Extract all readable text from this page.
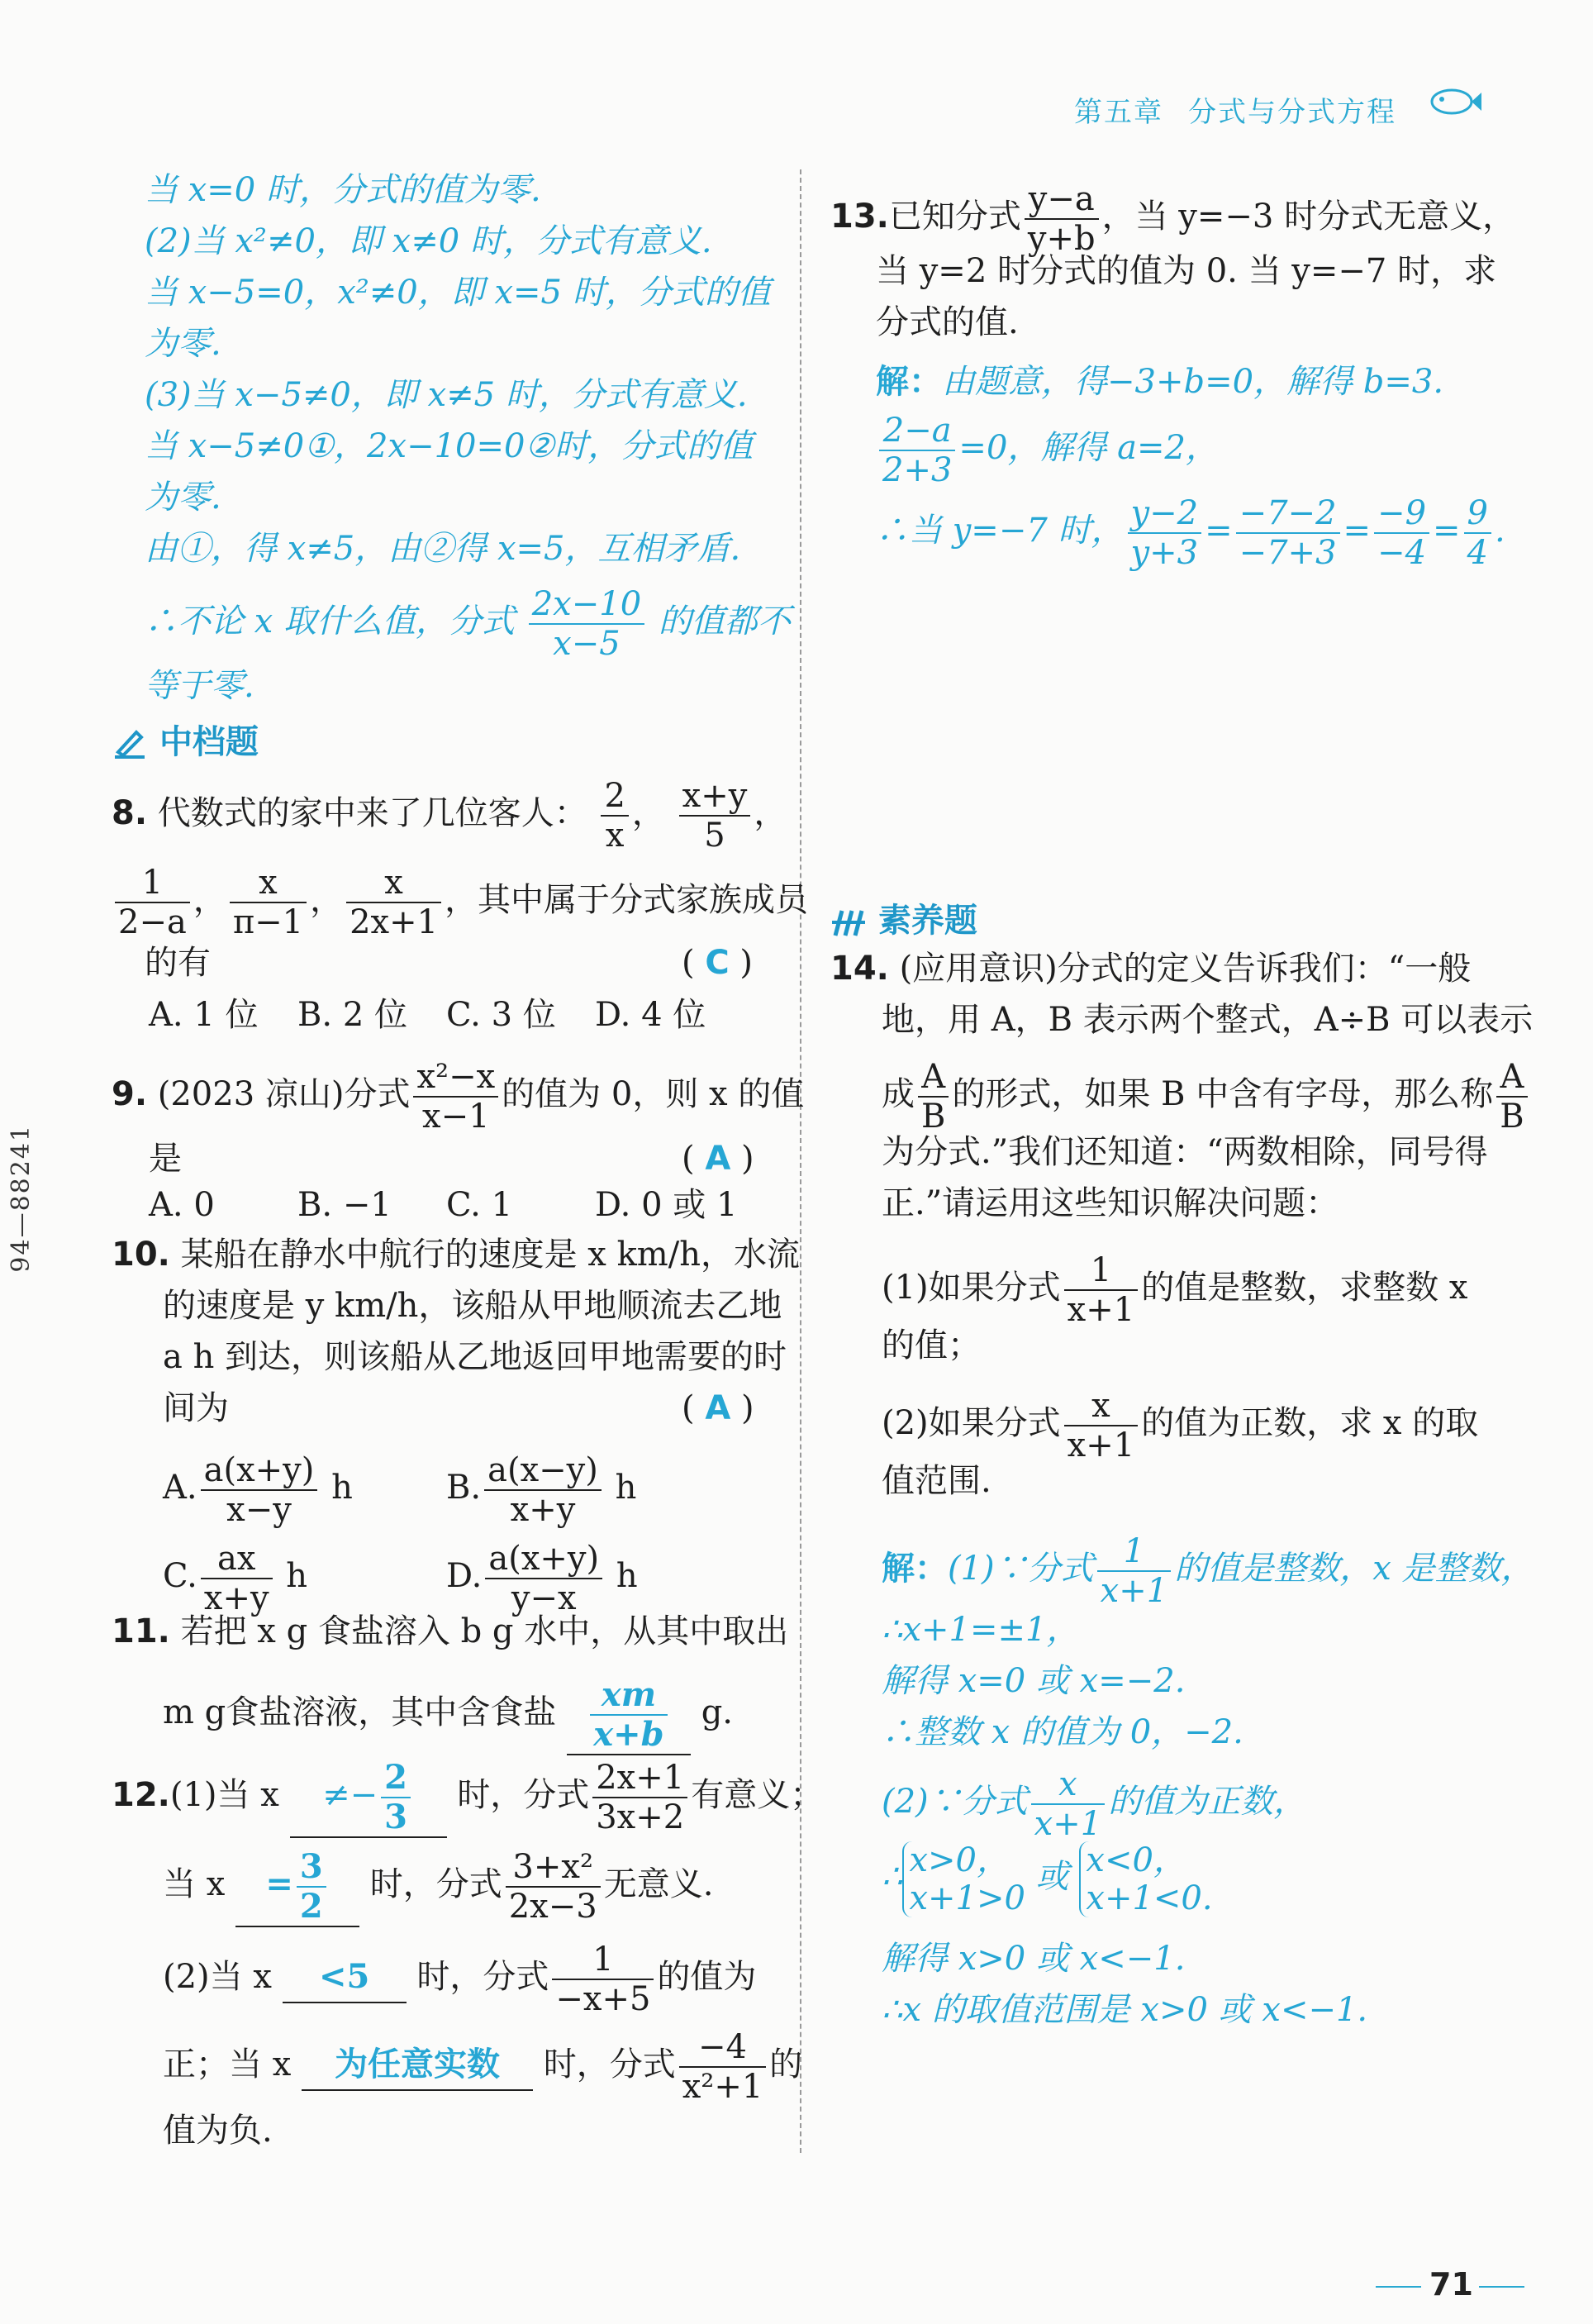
第五章 分式与分式方程
当 x=0 时，分式的值为零.
(2)当 x²≠0，即 x≠0 时，分式有意义.
当 x−5=0，x²≠0，即 x=5 时，分式的值
为零.
(3)当 x−5≠0，即 x≠5 时，分式有意义.
当 x−5≠0①，2x−10=0②时，分式的值
为零.
由①，得 x≠5，由②得 x=5，互相矛盾.
∴不论 x 取什么值，分式 $\frac{2x-10}{x-5}$ 的值都不
等于零.
中档题
8. 代数式的家中来了几位客人： $\frac{2}{x}$ ， $\frac{x+y}{5}$ ，
$\frac{1}{2-a}$ ， $\frac{x}{\pi-1}$ ， $\frac{x}{2x+1}$ ，其中属于分式家族成员
的有	( C )
A. 1 位 B. 2 位 C. 3 位 D. 4 位
9. (2023 凉山)分式 $\frac{\text{x²−x}}{x-1}$ 的值为 0，则 x 的值
是	( A )
A. 0	B. −1 C. 1 D. 0 或 1
10. 某船在静水中航行的速度是 x km/h，水流
的速度是 y km/h，该船从甲地顺流去乙地
a h 到达，则该船从乙地返回甲地需要的时
间为	( A )
A. $\frac{a(x+y)}{x-y}$ h	B. $\frac{a(x-y)}{x+y}$ h
C. $\frac{ax}{x+y}$ h	D. $\frac{a(x+y)}{y-x}$ h
11. 若把 x g 食盐溶入 b g 水中，从其中取出
m g食盐溶液，其中含食盐 $\frac{xm}{x+b} g$.
12.(1)当 $x \ne- \frac{2}{3}$ 时，分式 $\frac{2x+1}{3x+2}$ 有意义；
当 $x = \frac{3}{2}$ 时，分式 $\frac{\text{3+x²}}{2x-3}$ 无意义.
(2)当 x <5 时，分式 $\frac{1}{-x+5}$ 的值为
正；当 x 为任意实数 时，分式 $\frac{-4}{\text{x²+1}}$ 的
值为负.
13.已知分式 $\frac{y-a}{y+b}$ ，当 y=−3 时分式无意义，
当 y=2 时分式的值为 0. 当 y=−7 时，求
分式的值.
解：由题意，得−3+b=0，解得 b=3.
$\frac{2-a}{2+3} =0$，解得 a=2，
∴当 y=−7 时， $\frac{y-2}{y+3} = \frac{-7-2}{-7+3} = \frac{-9}{-4} = \frac{9}{4}$ .
素养题
14. (应用意识)分式的定义告诉我们：“一般
地，用 A，B 表示两个整式，A÷B 可以表示
成 $\frac{A}{B}$ 的形式，如果 B 中含有字母，那么称 $\frac{A}{B}$
为分式.”我们还知道：“两数相除，同号得
正.”请运用这些知识解决问题：
(1)如果分式 $\frac{1}{x+1}$ 的值是整数，求整数 x
的值；
(2)如果分式 $\frac{x}{x+1}$ 的值为正数，求 x 的取
值范围.
解：(1)∵分式 $\frac{1}{x+1}$ 的值是整数，x 是整数，
∴x+1=±1，
解得 x=0 或 x=−2.
∴整数 x 的值为 0，−2.
(2)∵分式 $\frac{x}{x+1}$ 的值为正数，
∴ x>0，
x+1>0
或 x<0，
x+1<0.
解得 x>0 或 x<−1.
∴x 的取值范围是 x>0 或 x<−1.
94—88241
71
